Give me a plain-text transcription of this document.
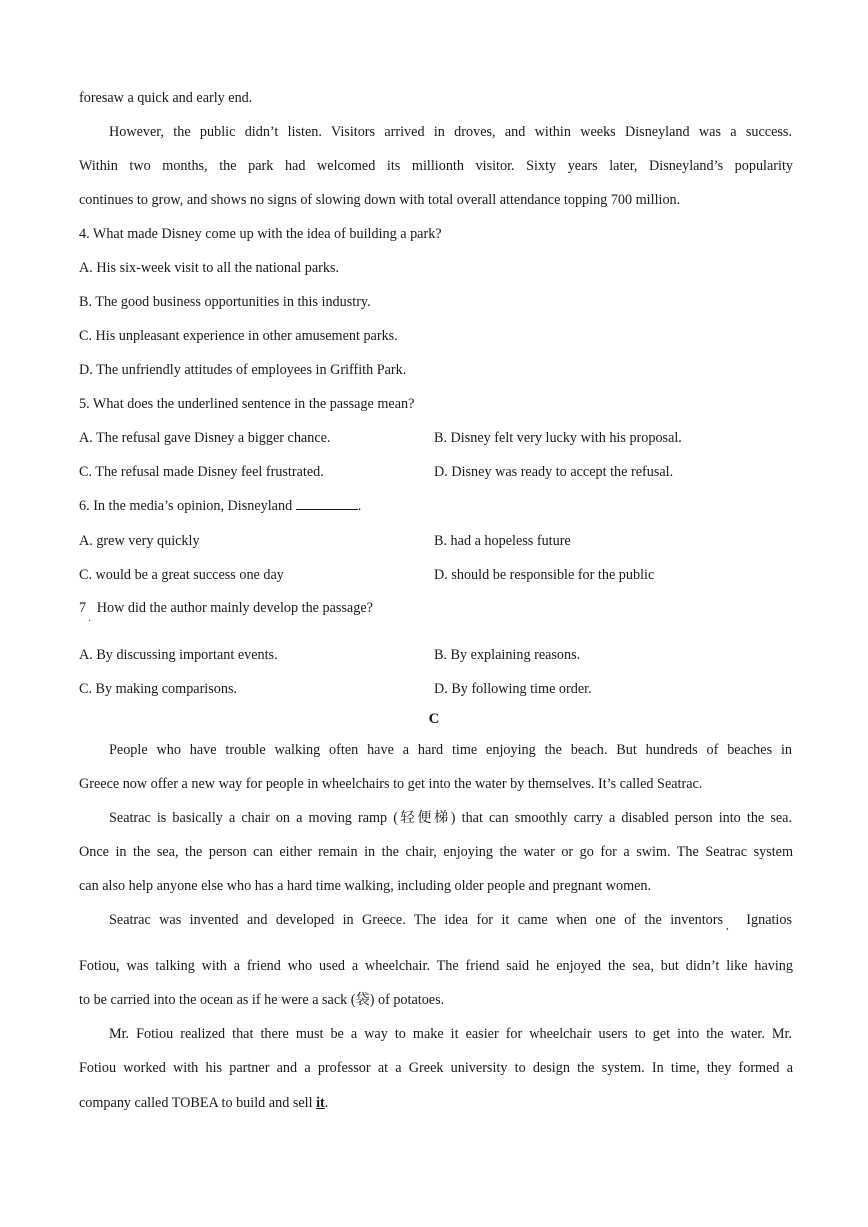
foresaw a quick and early end.
However, the public didn’t listen. Visitors arrived in droves, and within weeks Disneyland was a success.
Within two months, the park had welcomed its millionth visitor. Sixty years later, Disneyland’s popularity
continues to grow, and shows no signs of slowing down with total overall attendance topping 700 million.
4. What made Disney come up with the idea of building a park?
A. His six-week visit to all the national parks.
B. The good business opportunities in this industry.
C. His unpleasant experience in other amusement parks.
D. The unfriendly attitudes of employees in Griffith Park.
5. What does the underlined sentence in the passage mean?
A. The refusal gave Disney a bigger chance.	B. Disney felt very lucky with his proposal.
C. The refusal made Disney feel frustrated.	D. Disney was ready to accept the refusal.
6. In the media’s opinion, Disneyland	.
A. grew very quickly	B. had a hopeless future
C. would be a great success one day	D. should be responsible for the public
7 How did the author mainly develop the passage?
·
A. By discussing important events.	B. By explaining reasons.
C. By making comparisons.	D. By following time order.
C
People who have trouble walking often have a hard time enjoying the beach. But hundreds of beaches in
Greece now offer a new way for people in wheelchairs to get into the water by themselves. It’s called Seatrac.
Seatrac is basically a chair on a moving ramp (轻便梯) that can smoothly carry a disabled person into the sea.
Once in the sea, the person can either remain in the chair, enjoying the water or go for a swim. The Seatrac system
can also help anyone else who has a hard time walking, including older people and pregnant women.
Seatrac was invented and developed in Greece. The idea for it came when one of the inventors , Ignatios
Fotiou, was talking with a friend who used a wheelchair. The friend said he enjoyed the sea, but didn’t like having
to be carried into the ocean as if he were a sack (袋) of potatoes.
Mr. Fotiou realized that there must be a way to make it easier for wheelchair users to get into the water. Mr.
Fotiou worked with his partner and a professor at a Greek university to design the system. In time, they formed a
company called TOBEA to build and sell it.
